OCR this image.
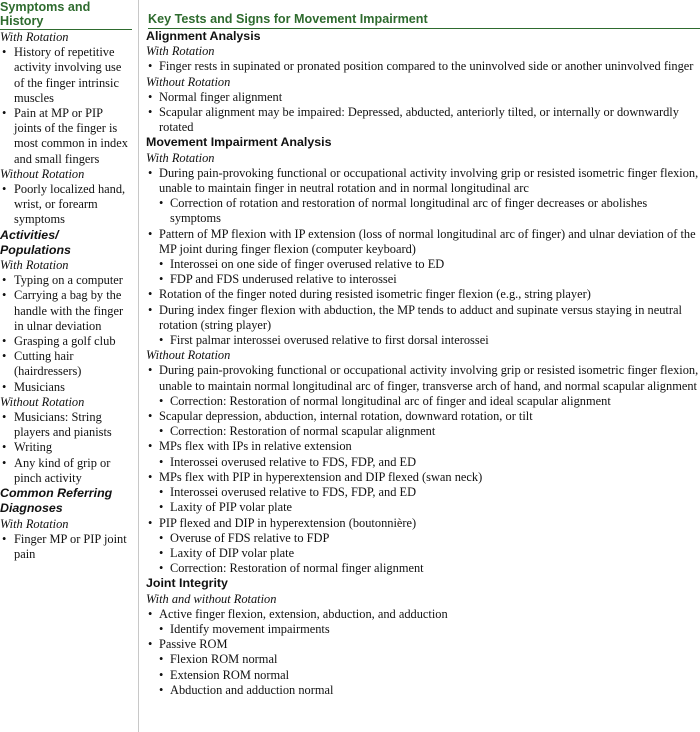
Symptoms and History
With Rotation
• History of repetitive activity involving use of the finger intrinsic muscles
• Pain at MP or PIP joints of the finger is most common in index and small fingers
Without Rotation
• Poorly localized hand, wrist, or forearm symptoms
Activities/ Populations
With Rotation
• Typing on a computer
• Carrying a bag by the handle with the finger in ulnar deviation
• Grasping a golf club
• Cutting hair (hairdressers)
• Musicians
Without Rotation
• Musicians: String players and pianists
• Writing
• Any kind of grip or pinch activity
Common Referring Diagnoses
With Rotation
• Finger MP or PIP joint pain
Key Tests and Signs for Movement Impairment
Alignment Analysis
With Rotation
• Finger rests in supinated or pronated position compared to the uninvolved side or another uninvolved finger
Without Rotation
• Normal finger alignment
• Scapular alignment may be impaired: Depressed, abducted, anteriorly tilted, or internally or downwardly rotated
Movement Impairment Analysis
With Rotation
• During pain-provoking functional or occupational activity involving grip or resisted isometric finger flexion, unable to maintain finger in neutral rotation and in normal longitudinal arc
• Correction of rotation and restoration of normal longitudinal arc of finger decreases or abolishes symptoms
• Pattern of MP flexion with IP extension (loss of normal longitudinal arc of finger) and ulnar deviation of the MP joint during finger flexion (computer keyboard)
• Interossei on one side of finger overused relative to ED
• FDP and FDS underused relative to interossei
• Rotation of the finger noted during resisted isometric finger flexion (e.g., string player)
• During index finger flexion with abduction, the MP tends to adduct and supinate versus staying in neutral rotation (string player)
• First palmar interossei overused relative to first dorsal interossei
Without Rotation
• During pain-provoking functional or occupational activity involving grip or resisted isometric finger flexion, unable to maintain normal longitudinal arc of finger, transverse arch of hand, and normal scapular alignment
• Correction: Restoration of normal longitudinal arc of finger and ideal scapular alignment
• Scapular depression, abduction, internal rotation, downward rotation, or tilt
• Correction: Restoration of normal scapular alignment
• MPs flex with IPs in relative extension
• Interossei overused relative to FDS, FDP, and ED
• MPs flex with PIP in hyperextension and DIP flexed (swan neck)
• Interossei overused relative to FDS, FDP, and ED
• Laxity of PIP volar plate
• PIP flexed and DIP in hyperextension (boutonnière)
• Overuse of FDS relative to FDP
• Laxity of DIP volar plate
• Correction: Restoration of normal finger alignment
Joint Integrity
With and without Rotation
• Active finger flexion, extension, abduction, and adduction
• Identify movement impairments
• Passive ROM
• Flexion ROM normal
• Extension ROM normal
• Abduction and adduction normal
